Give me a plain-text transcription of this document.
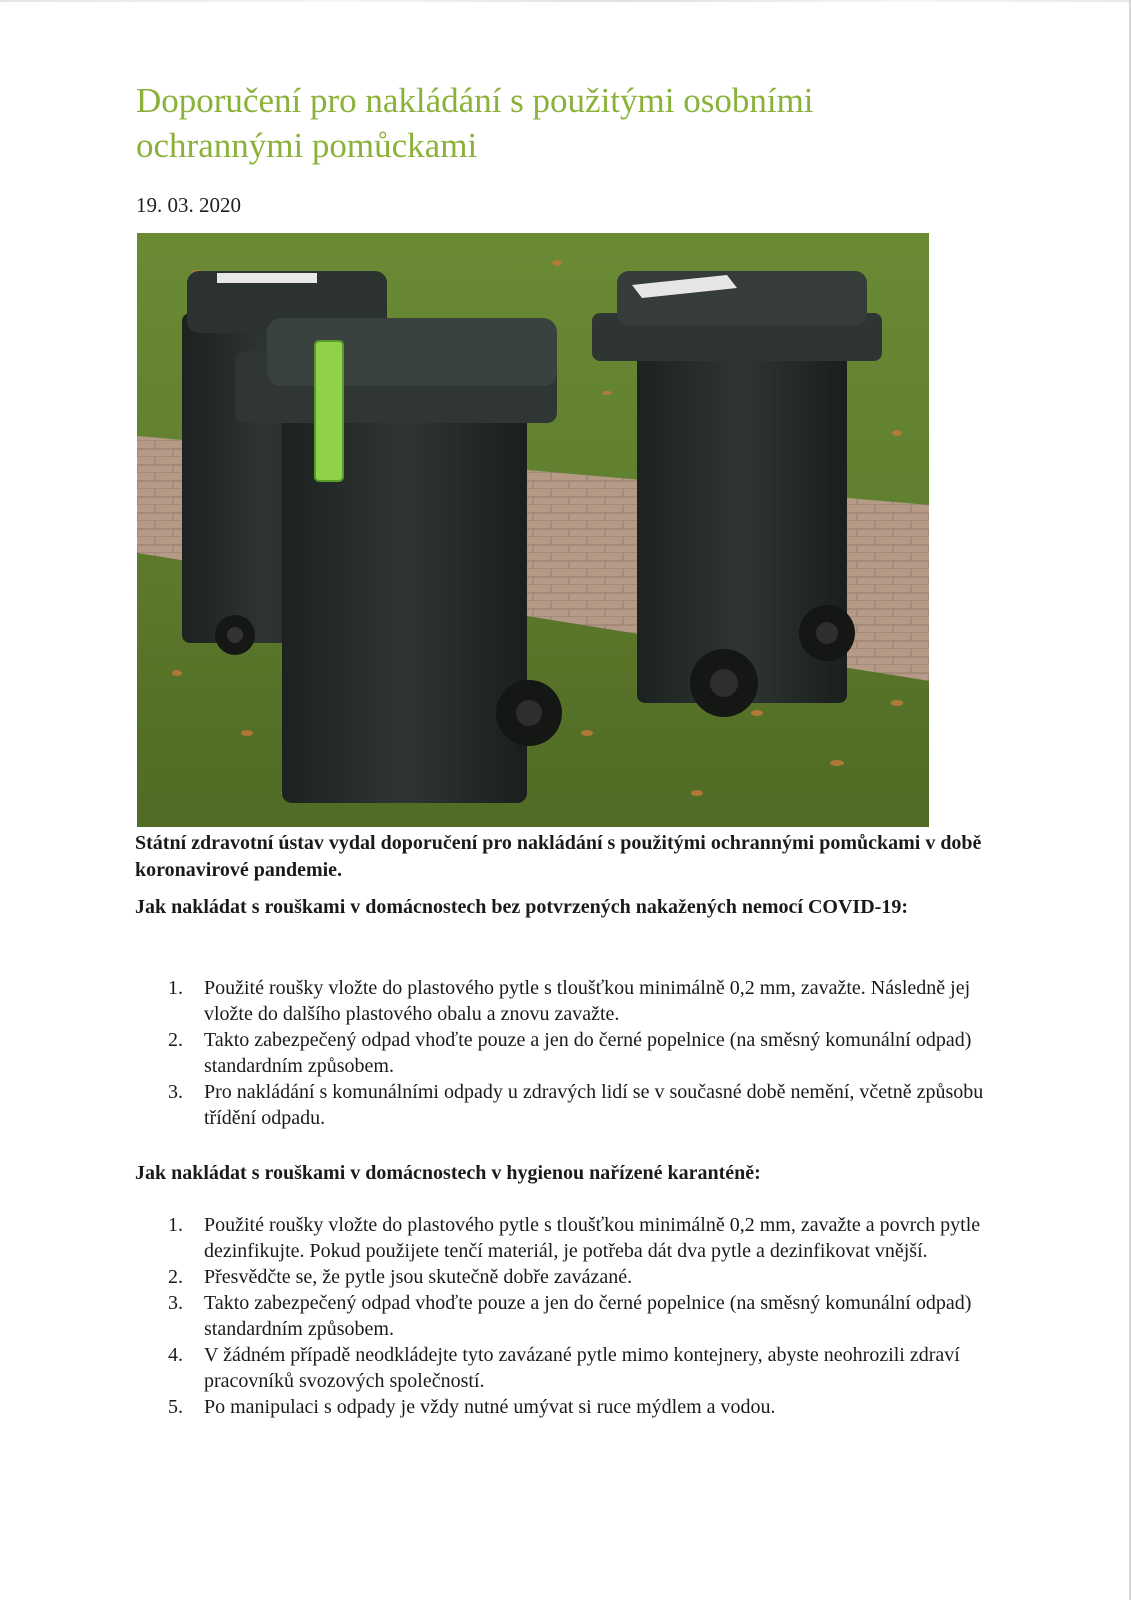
Doporučení pro nakládání s použitými osobními ochrannými pomůckami
19. 03. 2020

Státní zdravotní ústav vydal doporučení pro nakládání s použitými ochrannými pomůckami v době koronavirové pandemie.

Jak nakládat s rouškami v domácnostech bez potvrzených nakažených nemocí COVID-19:

1.	Použité roušky vložte do plastového pytle s tloušťkou minimálně 0,2 mm, zavažte. Následně jej vložte do dalšího plastového obalu a znovu zavažte.
2.	Takto zabezpečený odpad vhoďte pouze a jen do černé popelnice (na směsný komunální odpad) standardním způsobem.
3.	Pro nakládání s komunálními odpady u zdravých lidí se v současné době nemění, včetně způsobu třídění odpadu.

Jak nakládat s rouškami v domácnostech v hygienou nařízené karanténě:

1.	Použité roušky vložte do plastového pytle s tloušťkou minimálně 0,2 mm, zavažte a povrch pytle dezinfikujte. Pokud použijete tenčí materiál, je potřeba dát dva pytle a dezinfikovat vnější.
2.	Přesvědčte se, že pytle jsou skutečně dobře zavázané.
3.	Takto zabezpečený odpad vhoďte pouze a jen do černé popelnice (na směsný komunální odpad) standardním způsobem.
4.	V žádném případě neodkládejte tyto zavázané pytle mimo kontejnery, abyste neohrozili zdraví pracovníků svozových společností.
5.	Po manipulaci s odpady je vždy nutné umývat si ruce mýdlem a vodou.
